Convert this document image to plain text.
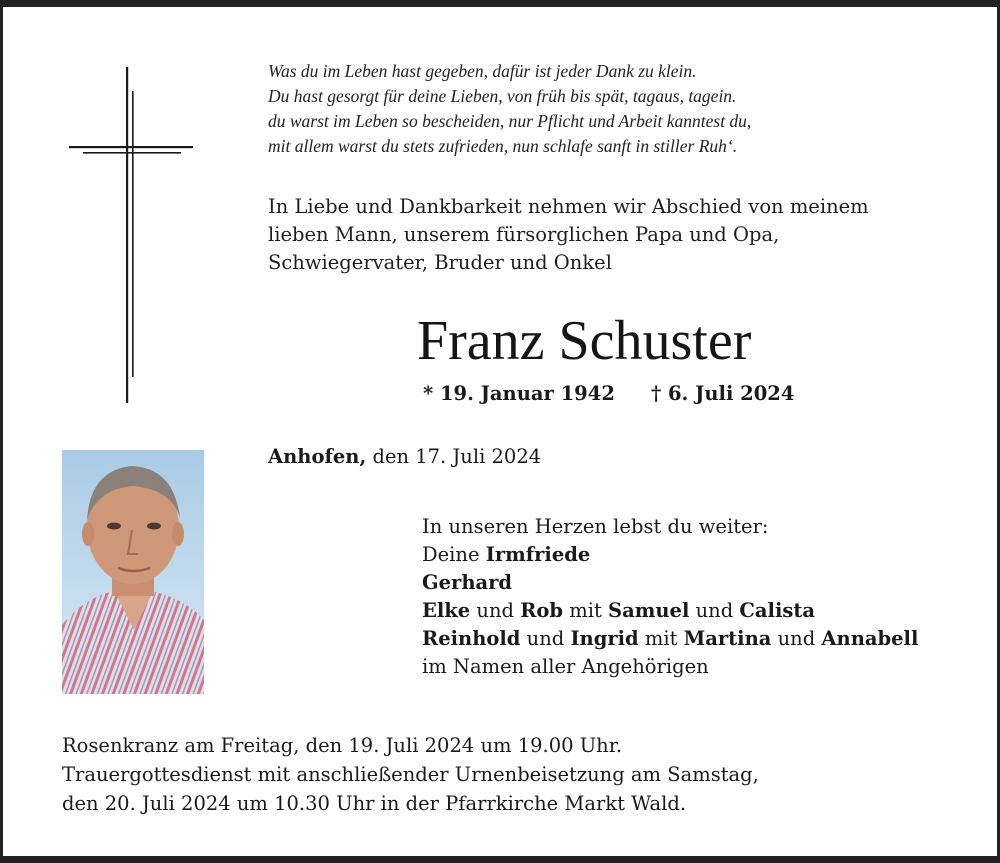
Was du im Leben hast gegeben, dafür ist jeder Dank zu klein.
Du hast gesorgt für deine Lieben, von früh bis spät, tagaus, tagein.
du warst im Leben so bescheiden, nur Pflicht und Arbeit kanntest du,
mit allem warst du stets zufrieden, nun schlafe sanft in stiller Ruh‘.
In Liebe und Dankbarkeit nehmen wir Abschied von meinem
lieben Mann, unserem fürsorglichen Papa und Opa,
Schwiegervater, Bruder und Onkel
Franz Schuster
* 19. Januar 1942 † 6. Juli 2024
Anhofen, den 17. Juli 2024
In unseren Herzen lebst du weiter:
Deine Irmfriede
Gerhard
Elke und Rob mit Samuel und Calista
Reinhold und Ingrid mit Martina und Annabell
im Namen aller Angehörigen
Rosenkranz am Freitag, den 19. Juli 2024 um 19.00 Uhr.
Trauergottesdienst mit anschließender Urnenbeisetzung am Samstag,
den 20. Juli 2024 um 10.30 Uhr in der Pfarrkirche Markt Wald.
